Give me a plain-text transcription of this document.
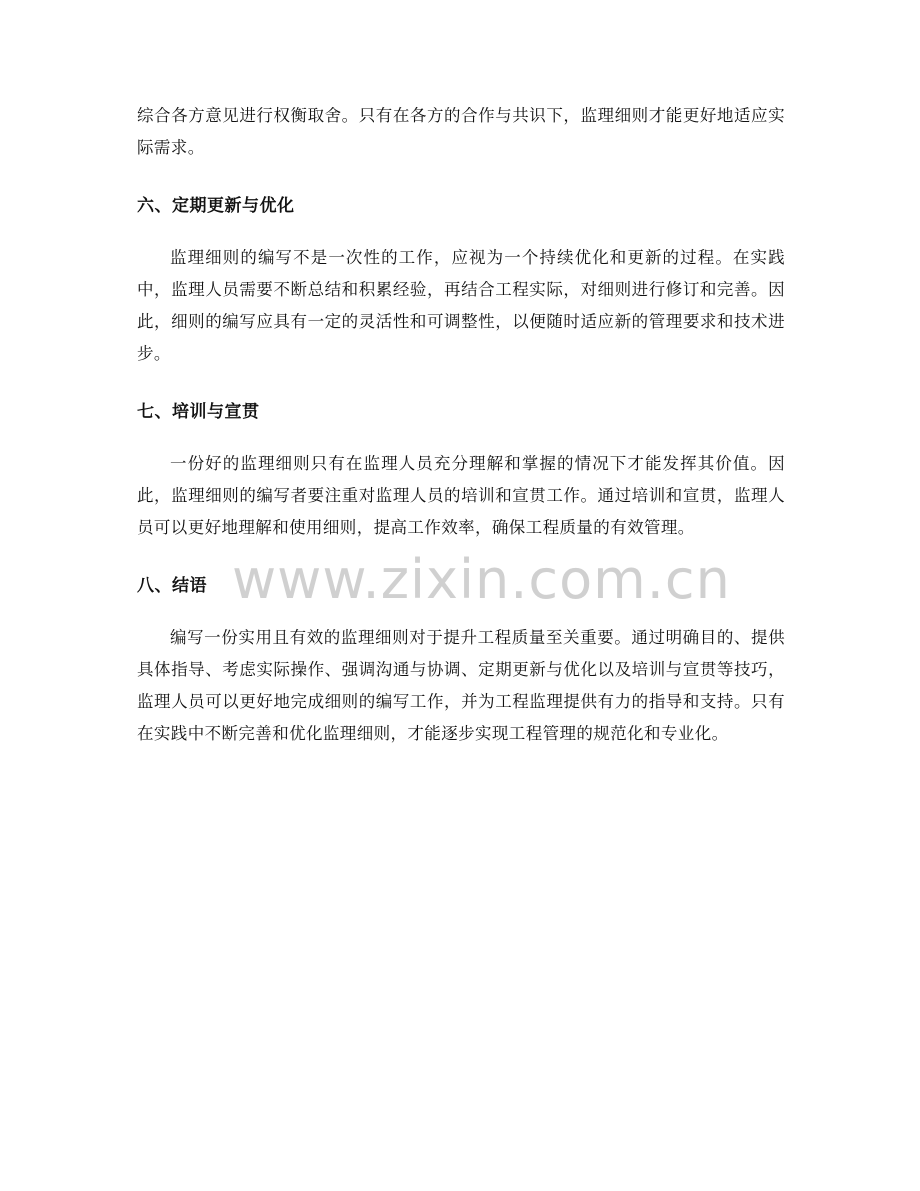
综合各方意见进行权衡取舍。只有在各方的合作与共识下，监理细则才能更好地适应实际需求。

六、定期更新与优化

监理细则的编写不是一次性的工作，应视为一个持续优化和更新的过程。在实践中，监理人员需要不断总结和积累经验，再结合工程实际，对细则进行修订和完善。因此，细则的编写应具有一定的灵活性和可调整性，以便随时适应新的管理要求和技术进步。

七、培训与宣贯

一份好的监理细则只有在监理人员充分理解和掌握的情况下才能发挥其价值。因此，监理细则的编写者要注重对监理人员的培训和宣贯工作。通过培训和宣贯，监理人员可以更好地理解和使用细则，提高工作效率，确保工程质量的有效管理。

八、结语

编写一份实用且有效的监理细则对于提升工程质量至关重要。通过明确目的、提供具体指导、考虑实际操作、强调沟通与协调、定期更新与优化以及培训与宣贯等技巧，监理人员可以更好地完成细则的编写工作，并为工程监理提供有力的指导和支持。只有在实践中不断完善和优化监理细则，才能逐步实现工程管理的规范化和专业化。

www.zixin.com.cn
